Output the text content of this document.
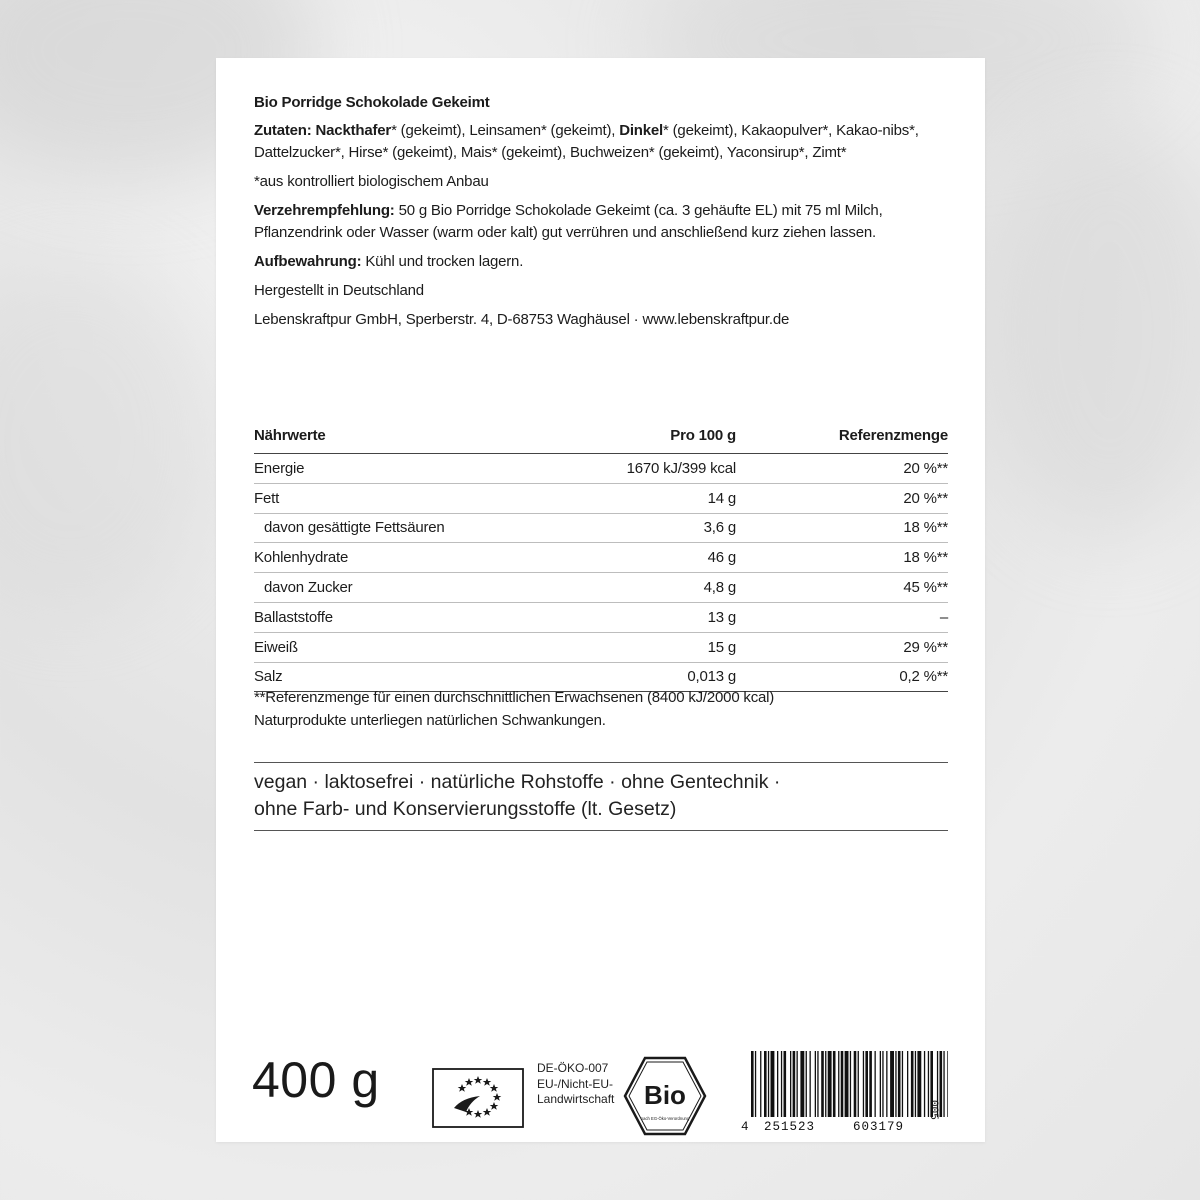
Bio Porridge Schokolade Gekeimt

Zutaten: Nackthafer* (gekeimt), Leinsamen* (gekeimt), Dinkel* (gekeimt), Kakaopulver*, Kakao-nibs*, Dattelzucker*, Hirse* (gekeimt), Mais* (gekeimt), Buchweizen* (gekeimt), Yaconsirup*, Zimt*

*aus kontrolliert biologischem Anbau

Verzehrempfehlung: 50 g Bio Porridge Schokolade Gekeimt (ca. 3 gehäufte EL) mit 75 ml Milch, Pflanzendrink oder Wasser (warm oder kalt) gut verrühren und anschließend kurz ziehen lassen.

Aufbewahrung: Kühl und trocken lagern.

Hergestellt in Deutschland

Lebenskraftpur GmbH, Sperberstr. 4, D-68753 Waghäusel · www.lebenskraftpur.de

Nährwerte	Pro 100 g	Referenzmenge
Energie	1670 kJ/399 kcal	20 %**
Fett	14 g	20 %**
davon gesättigte Fettsäuren	3,6 g	18 %**
Kohlenhydrate	46 g	18 %**
davon Zucker	4,8 g	45 %**
Ballaststoffe	13 g	–
Eiweiß	15 g	29 %**
Salz	0,013 g	0,2 %**
**Referenzmenge für einen durchschnittlichen Erwachsenen (8400 kJ/2000 kcal)
Naturprodukte unterliegen natürlichen Schwankungen.
vegan · laktosefrei · natürliche Rohstoffe · ohne Gentechnik ·
ohne Farb- und Konservierungsstoffe (lt. Gesetz)
400 g	DE-ÖKO-007
EU-/Nicht-EU-
Landwirtschaft Bio
nach EG-Öko-Verordnung
4 251523	603179
005
